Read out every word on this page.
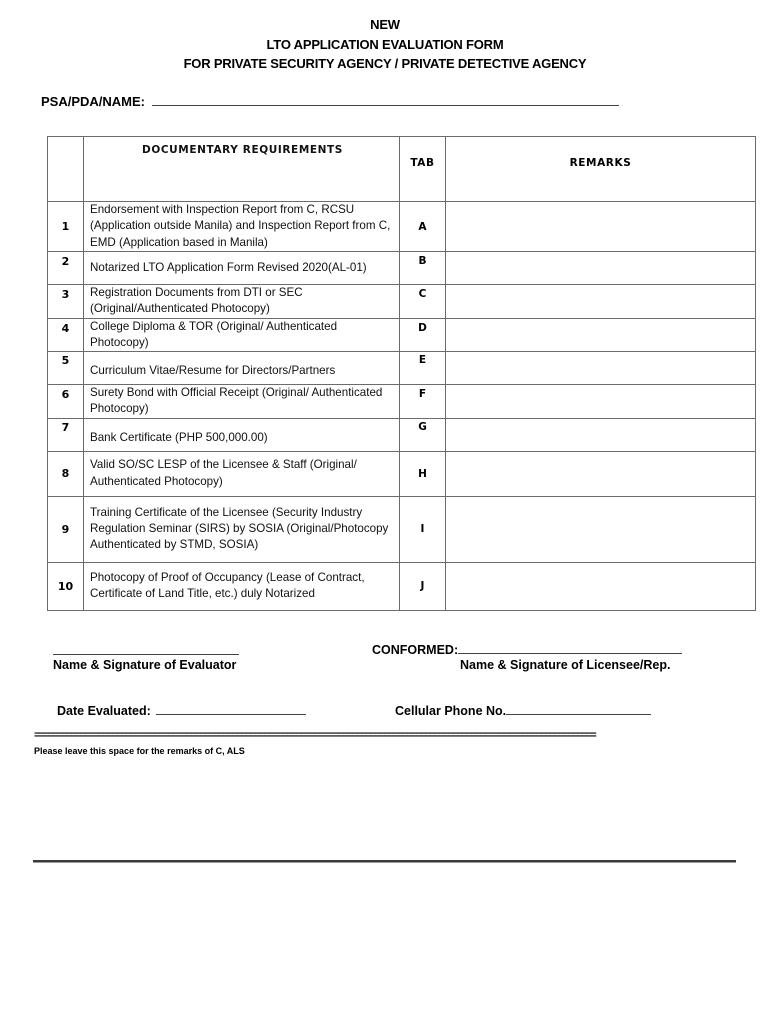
NEW
LTO APPLICATION EVALUATION FORM
FOR PRIVATE SECURITY AGENCY / PRIVATE DETECTIVE AGENCY
PSA/PDA/NAME:
	DOCUMENTARY REQUIREMENTS	TAB	REMARKS
1	Endorsement with Inspection Report from C, RCSU (Application outside Manila) and Inspection Report from C, EMD (Application based in Manila)	A	
2	Notarized LTO Application Form Revised 2020(AL-01)	B	
3	Registration Documents from DTI or SEC (Original/Authenticated Photocopy)	C	
4	College Diploma & TOR (Original/ Authenticated Photocopy)	D	
5	Curriculum Vitae/Resume for Directors/Partners	E	
6	Surety Bond with Official Receipt (Original/ Authenticated Photocopy)	F	
7	Bank Certificate (PHP 500,000.00)	G	
8	Valid SO/SC LESP of the Licensee & Staff (Original/ Authenticated Photocopy)	H	
9	Training Certificate of the Licensee (Security Industry Regulation Seminar (SIRS) by SOSIA (Original/Photocopy Authenticated by STMD, SOSIA)	I	
10	Photocopy of Proof of Occupancy (Lease of Contract, Certificate of Land Title, etc.) duly Notarized	J	
Name & Signature of Evaluator
CONFORMED:
Name & Signature of Licensee/Rep.
Date Evaluated:	Cellular Phone No.
==========================================================================================================================
Please leave this space for the remarks of C, ALS
